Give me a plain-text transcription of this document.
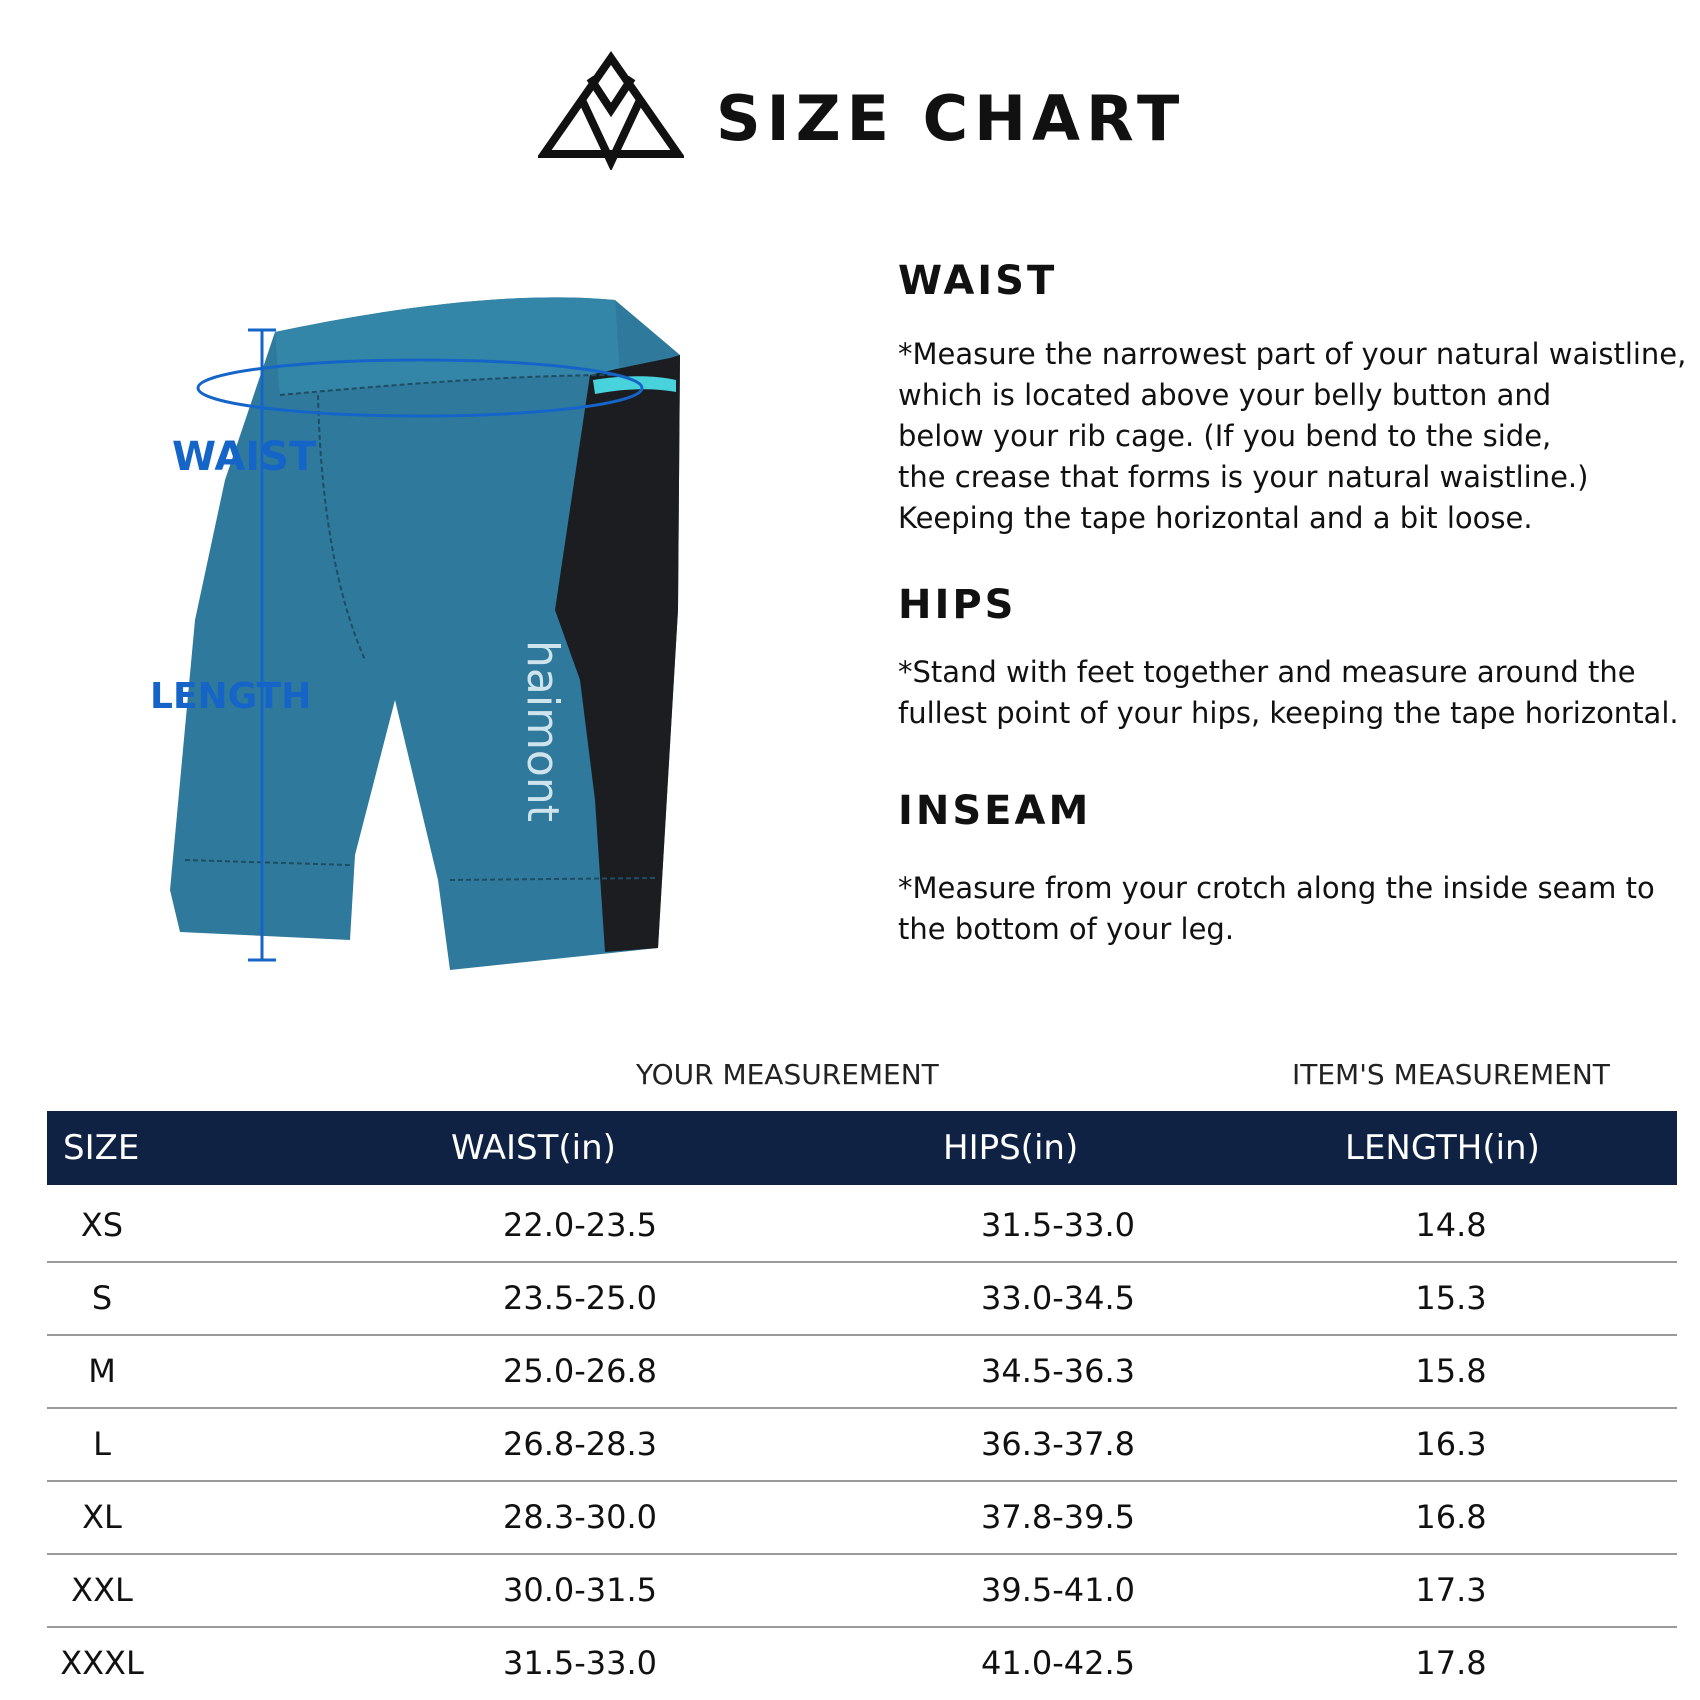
SIZE CHART
haimont
WAIST
LENGTH
WAIST
*Measure the narrowest part of your natural waistline,
which is located above your belly button and
below your rib cage. (If you bend to the side,
the crease that forms is your natural waistline.)
Keeping the tape horizontal and a bit loose.
HIPS
*Stand with feet together and measure around the
fullest point of your hips, keeping the tape horizontal.
INSEAM
*Measure from your crotch along the inside seam to
the bottom of your leg.
YOUR MEASUREMENT	ITEM'S MEASUREMENT
SIZE	WAIST(in)	HIPS(in)	LENGTH(in)
XS	22.0-23.5	31.5-33.0	14.8
S	23.5-25.0	33.0-34.5	15.3
M	25.0-26.8	34.5-36.3	15.8
L	26.8-28.3	36.3-37.8	16.3
XL	28.3-30.0	37.8-39.5	16.8
XXL	30.0-31.5	39.5-41.0	17.3
XXXL	31.5-33.0	41.0-42.5	17.8
